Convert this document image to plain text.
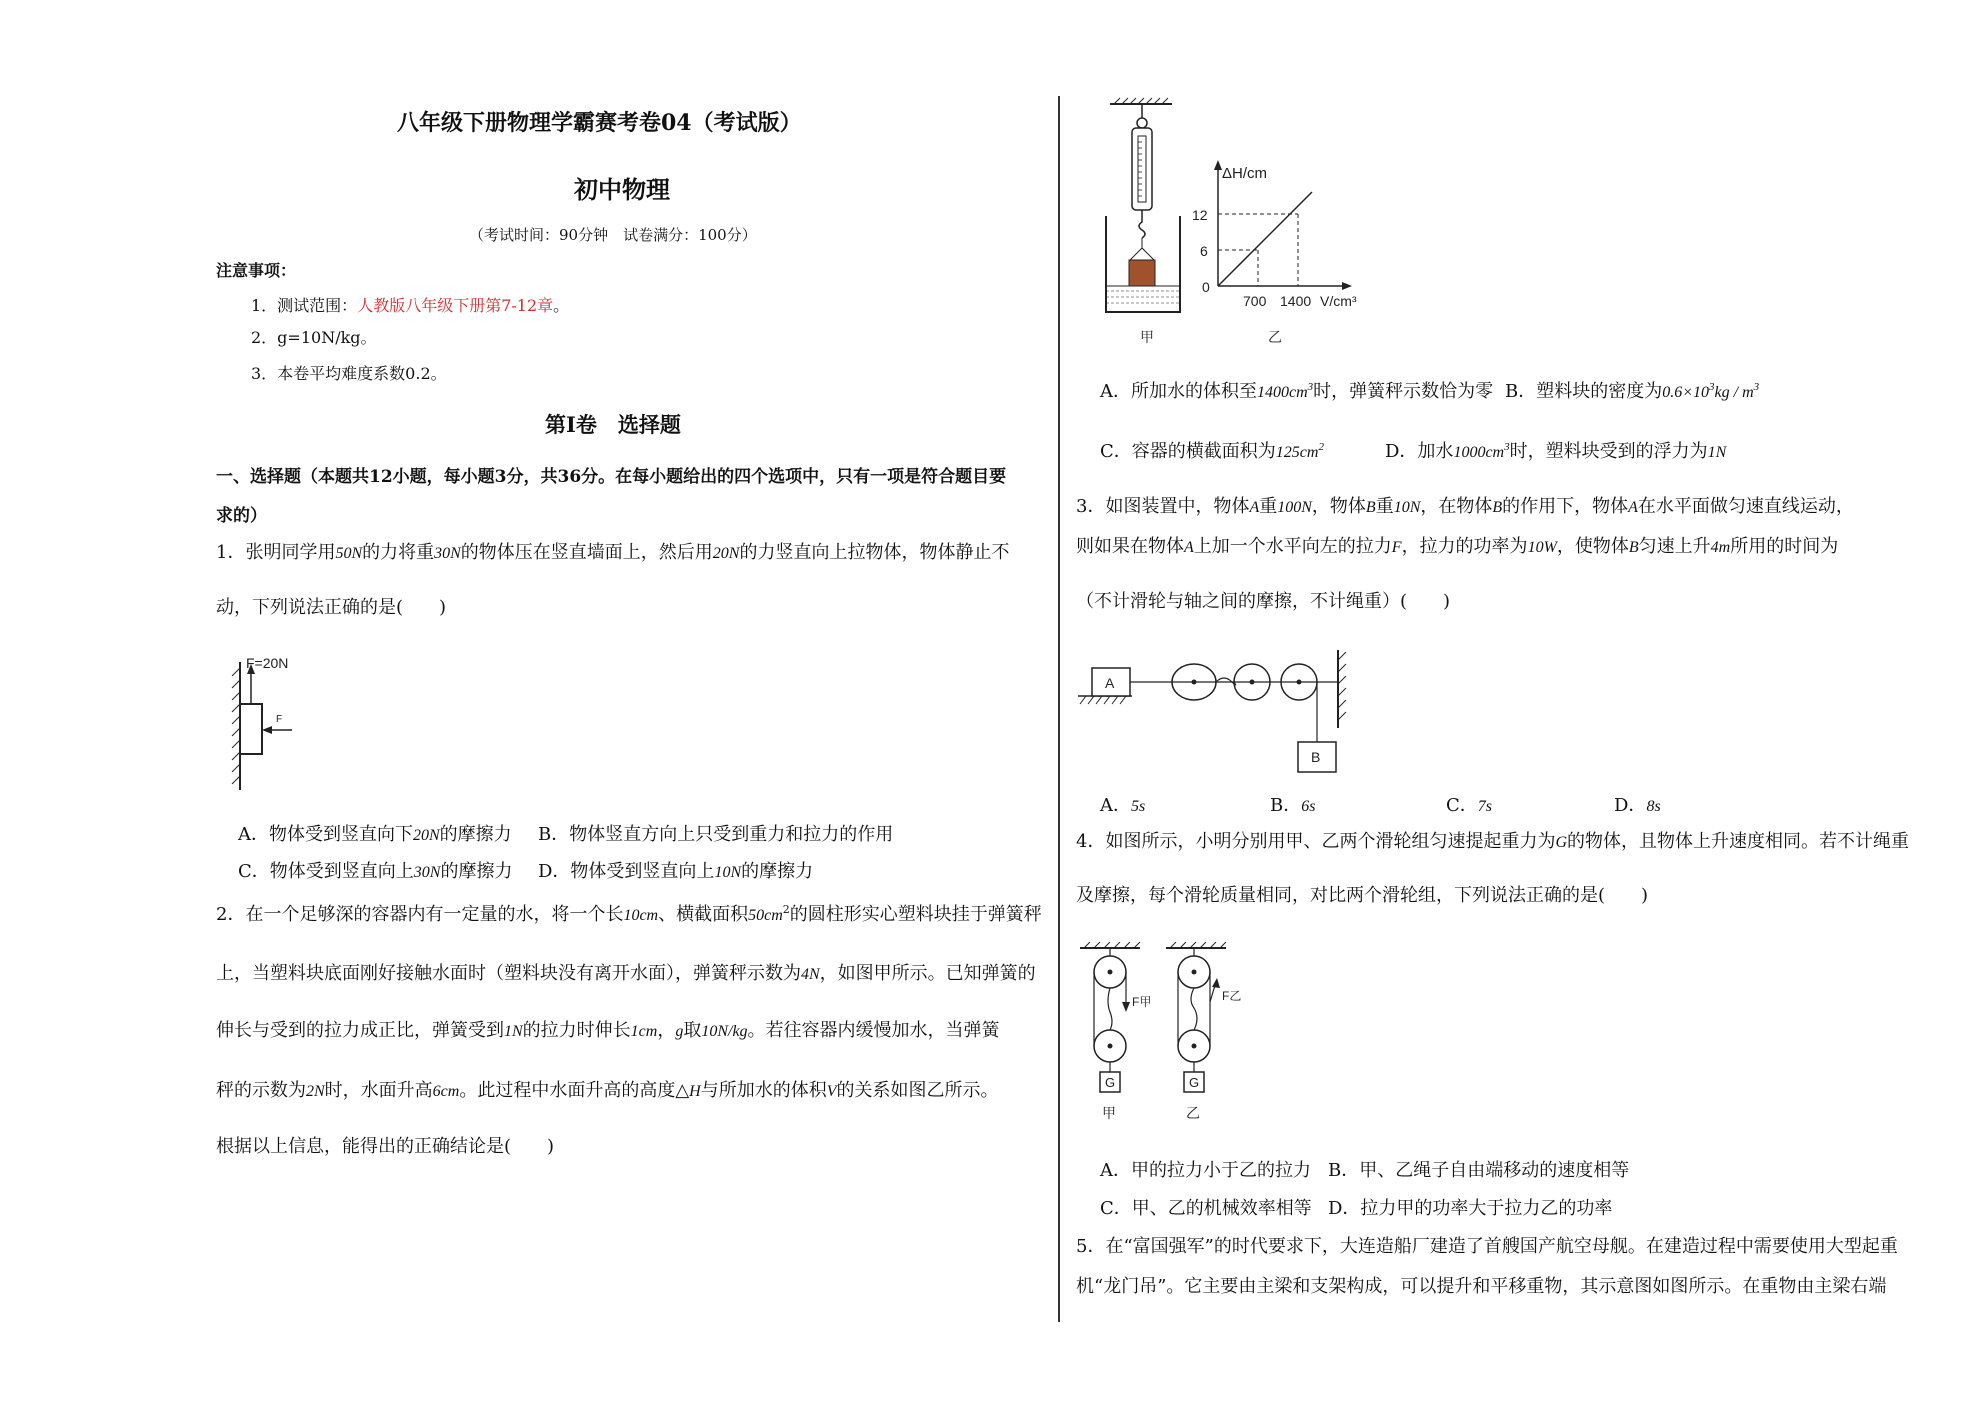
八年级下册物理学霸赛考卷04（考试版）
初中物理
（考试时间：90分钟　试卷满分：100分）
注意事项：
1．测试范围：人教版八年级下册第7-12章。
2．g=10N/kg。
3．本卷平均难度系数0.2。
第Ⅰ卷　选择题
一、选择题（本题共12小题，每小题3分，共36分。在每小题给出的四个选项中，只有一项是符合题目要
求的）
1．张明同学用50N的力将重30N的物体压在竖直墙面上，然后用20N的力竖直向上拉物体，物体静止不
动，下列说法正确的是(　　)
F=20N
F
A．物体受到竖直向下20N的摩擦力 B．物体竖直方向上只受到重力和拉力的作用
C．物体受到竖直向上30N的摩擦力 D．物体受到竖直向上10N的摩擦力
2．在一个足够深的容器内有一定量的水，将一个长10cm、横截面积$50cm^2$的圆柱形实心塑料块挂于弹簧秤
上，当塑料块底面刚好接触水面时（塑料块没有离开水面），弹簧秤示数为4N，如图甲所示。已知弹簧的
伸长与受到的拉力成正比，弹簧受到1N的拉力时伸长1cm，g取10N/kg。若往容器内缓慢加水，当弹簧
秤的示数为2N时，水面升高6cm。此过程中水面升高的高度△H与所加水的体积V的关系如图乙所示。
根据以上信息，能得出的正确结论是(　　)
甲
ΔH/cm
12
6
0
700 1400 V/cm³
乙
A．所加水的体积至$1400cm^3$时，弹簧秤示数恰为零 B．塑料块的密度为$0.6\times 10^3kg / m^3$
C．容器的横截面积为$125cm^2$	D．加水$1000cm^3$时，塑料块受到的浮力为1N
3．如图装置中，物体A重100N，物体B重10N，在物体B的作用下，物体A在水平面做匀速直线运动，
则如果在物体A上加一个水平向左的拉力F，拉力的功率为10W，使物体B匀速上升4m所用的时间为
（不计滑轮与轴之间的摩擦，不计绳重）(　　)
A
B
A．5s	B．6s	C．7s	D．8s
4．如图所示，小明分别用甲、乙两个滑轮组匀速提起重力为G的物体，且物体上升速度相同。若不计绳重
及摩擦，每个滑轮质量相同，对比两个滑轮组，下列说法正确的是(　　)
F甲
G
甲
F乙
G
乙
A．甲的拉力小于乙的拉力 B．甲、乙绳子自由端移动的速度相等
C．甲、乙的机械效率相等 D．拉力甲的功率大于拉力乙的功率
5．在“富国强军”的时代要求下，大连造船厂建造了首艘国产航空母舰。在建造过程中需要使用大型起重
机“龙门吊”。它主要由主梁和支架构成，可以提升和平移重物，其示意图如图所示。在重物由主梁右端
